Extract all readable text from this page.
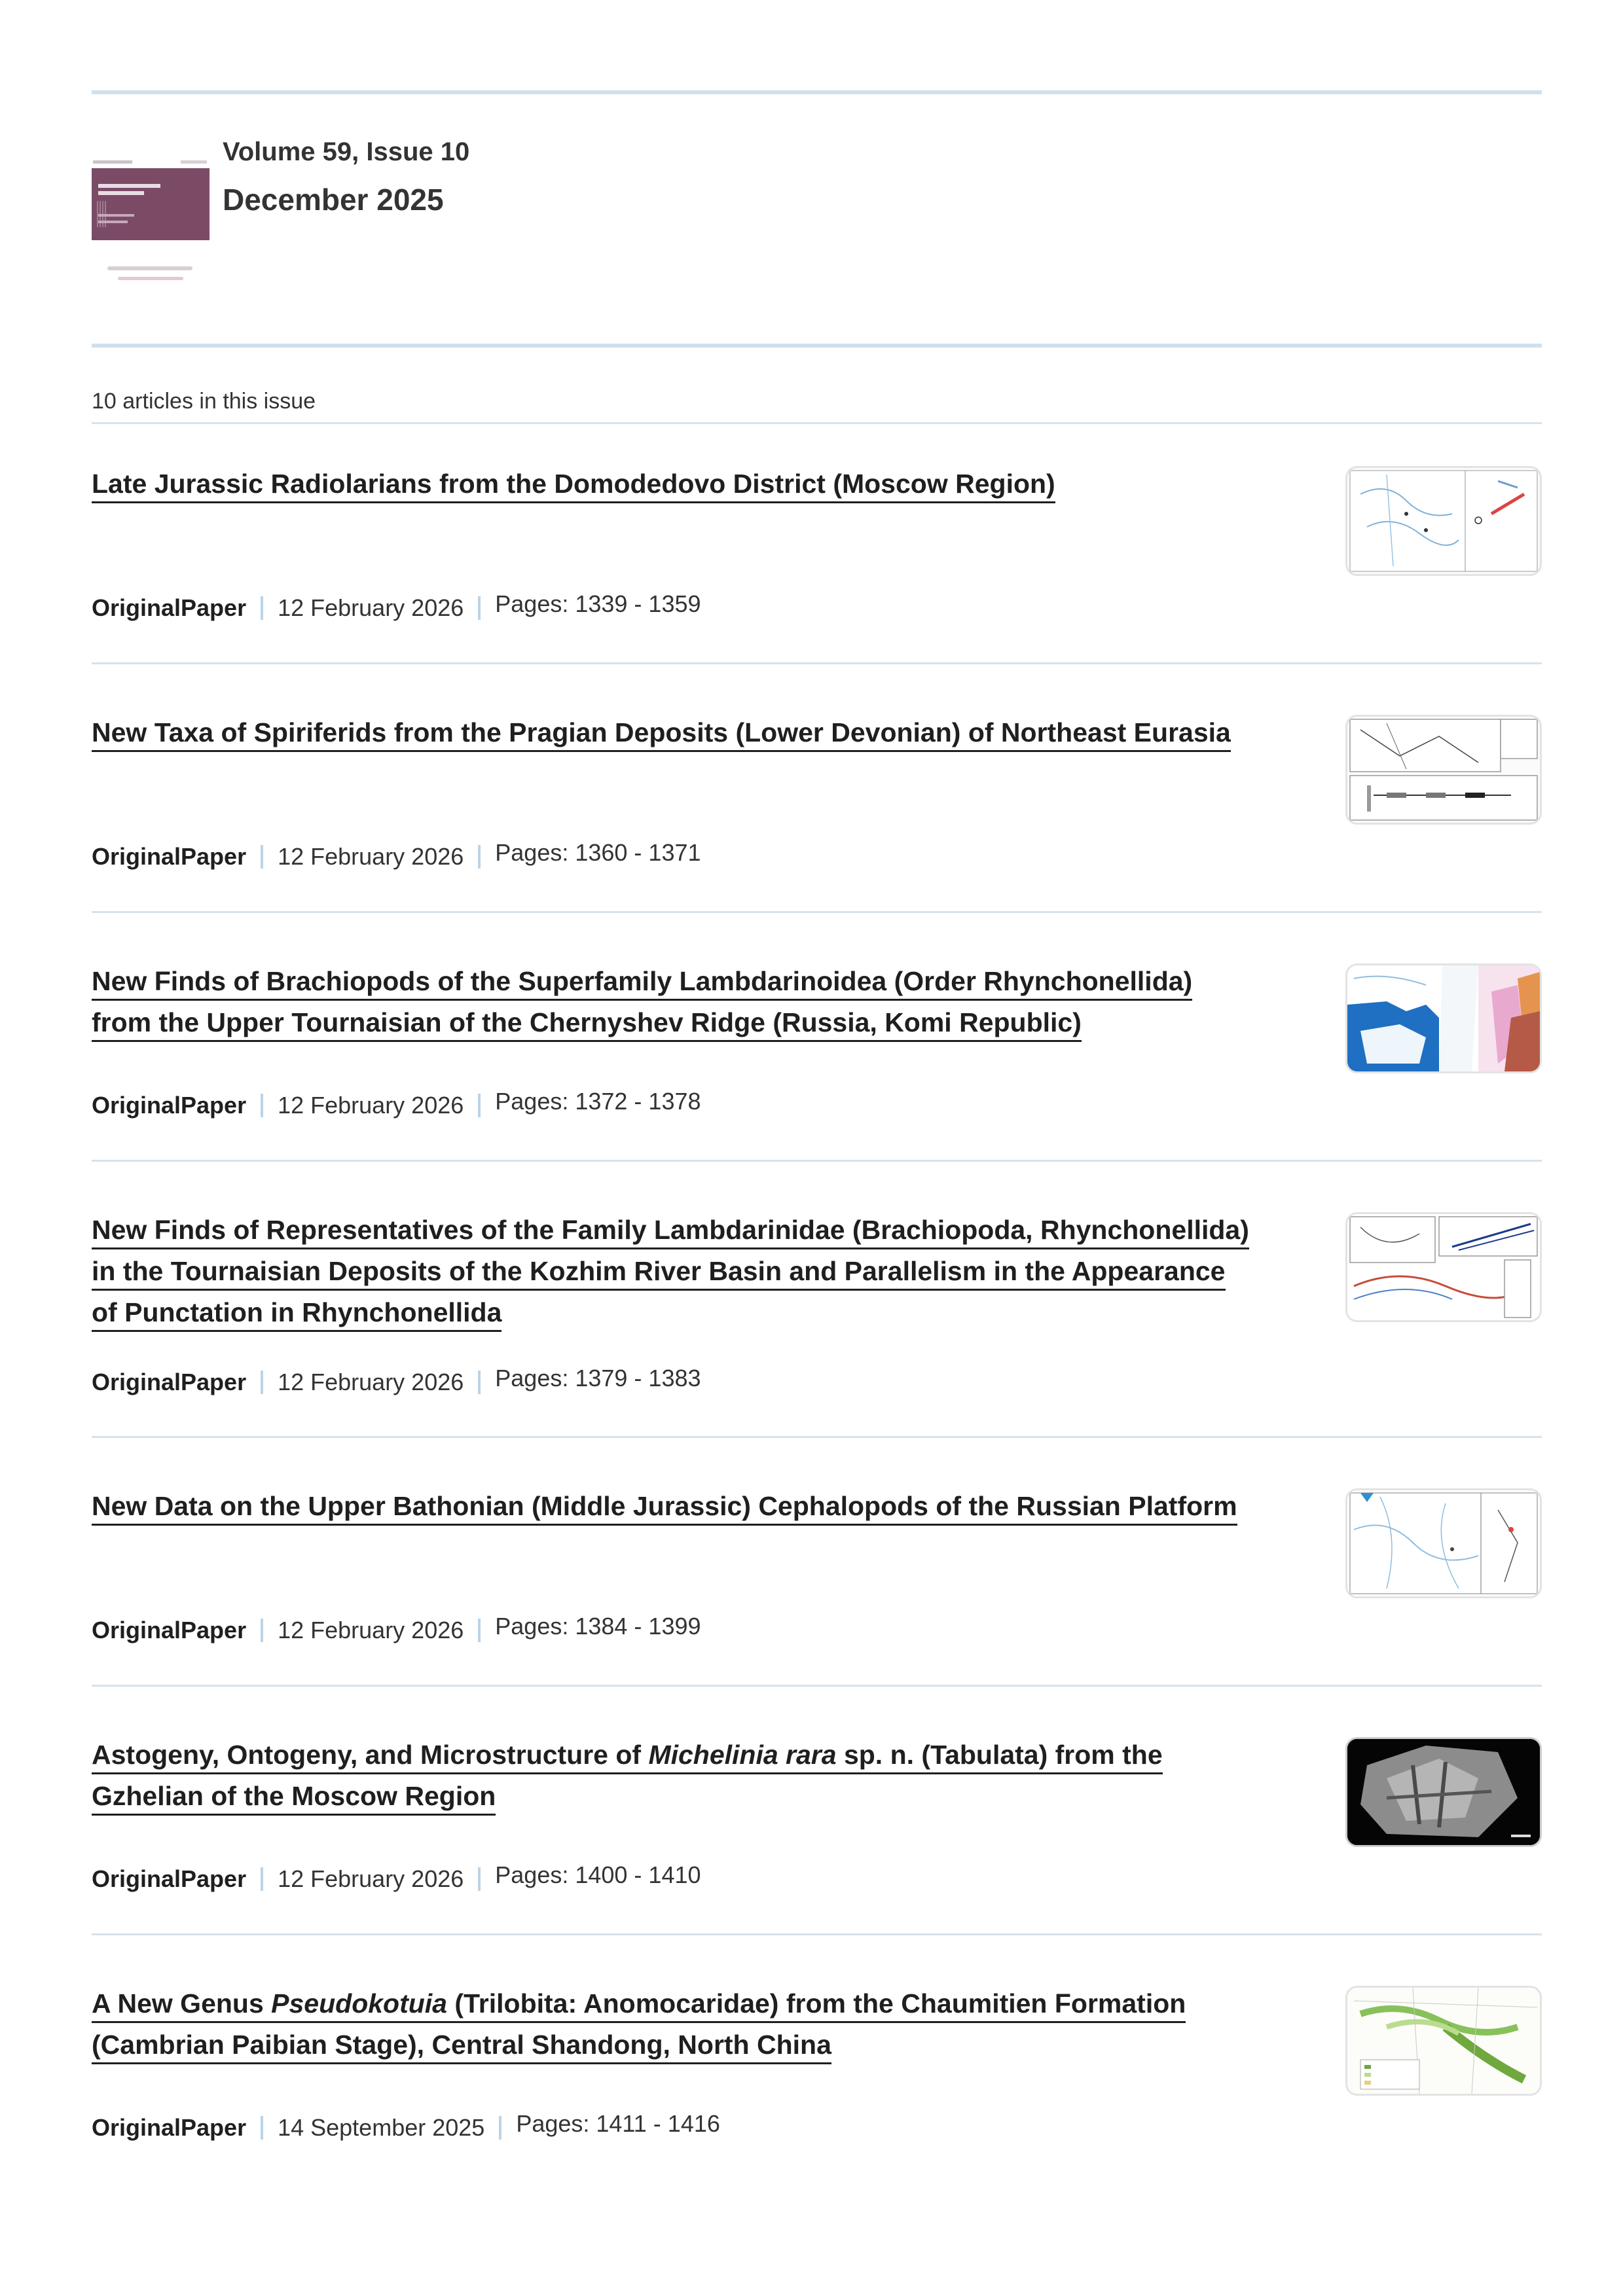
Volume 59, Issue 10
December 2025
10 articles in this issue
Late Jurassic Radiolarians from the Domodedovo District (Moscow Region)
OriginalPaper 12 February 2026 Pages: 1339 - 1359
New Taxa of Spiriferids from the Pragian Deposits (Lower Devonian) of Northeast Eurasia
OriginalPaper 12 February 2026 Pages: 1360 - 1371
New Finds of Brachiopods of the Superfamily Lambdarinoidea (Order Rhynchonellida)
from the Upper Tournaisian of the Chernyshev Ridge (Russia, Komi Republic)
OriginalPaper 12 February 2026 Pages: 1372 - 1378
New Finds of Representatives of the Family Lambdarinidae (Brachiopoda, Rhynchonellida)
in the Tournaisian Deposits of the Kozhim River Basin and Parallelism in the Appearance
of Punctation in Rhynchonellida
OriginalPaper 12 February 2026 Pages: 1379 - 1383
New Data on the Upper Bathonian (Middle Jurassic) Cephalopods of the Russian Platform
OriginalPaper 12 February 2026 Pages: 1384 - 1399
Astogeny, Ontogeny, and Microstructure of Michelinia rara sp. n. (Tabulata) from the
Gzhelian of the Moscow Region
OriginalPaper 12 February 2026 Pages: 1400 - 1410
A New Genus Pseudokotuia (Trilobita: Anomocaridae) from the Chaumitien Formation
(Cambrian Paibian Stage), Central Shandong, North China
OriginalPaper 14 September 2025 Pages: 1411 - 1416
